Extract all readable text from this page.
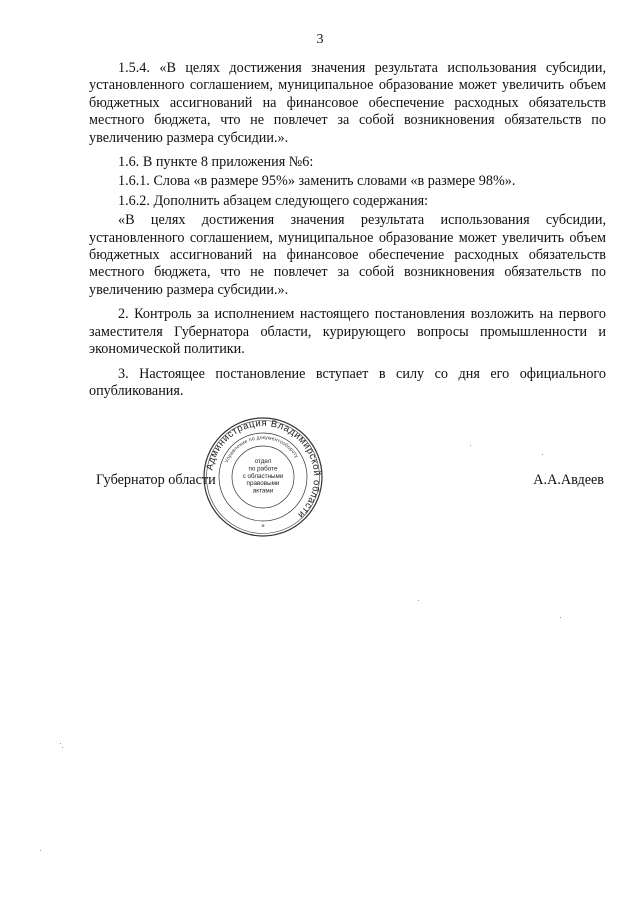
3

1.5.4. «В целях достижения значения результата использования субсидии, установленного соглашением, муниципальное образование может увеличить объем бюджетных ассигнований на финансовое обеспечение расходных обязательств местного бюджета, что не повлечет за собой возникновения обязательств по увеличению размера субсидии.».

1.6. В пункте 8 приложения №6:

1.6.1. Слова «в размере 95%» заменить словами «в размере 98%».

1.6.2. Дополнить абзацем следующего содержания:

«В целях достижения значения результата использования субсидии, установленного соглашением, муниципальное образование может увеличить объем бюджетных ассигнований на финансовое обеспечение расходных обязательств местного бюджета, что не повлечет за собой возникновения обязательств по увеличению размера субсидии.».

2. Контроль за исполнением настоящего постановления возложить на первого заместителя Губернатора области, курирующего вопросы промышленности и экономической политики.

3. Настоящее постановление вступает в силу со дня его официального опубликования.

Губернатор области	А.А.Авдеев
Администрация Владимирской области
Управление по документообороту
отдел по работе с областными правовыми актами
*
